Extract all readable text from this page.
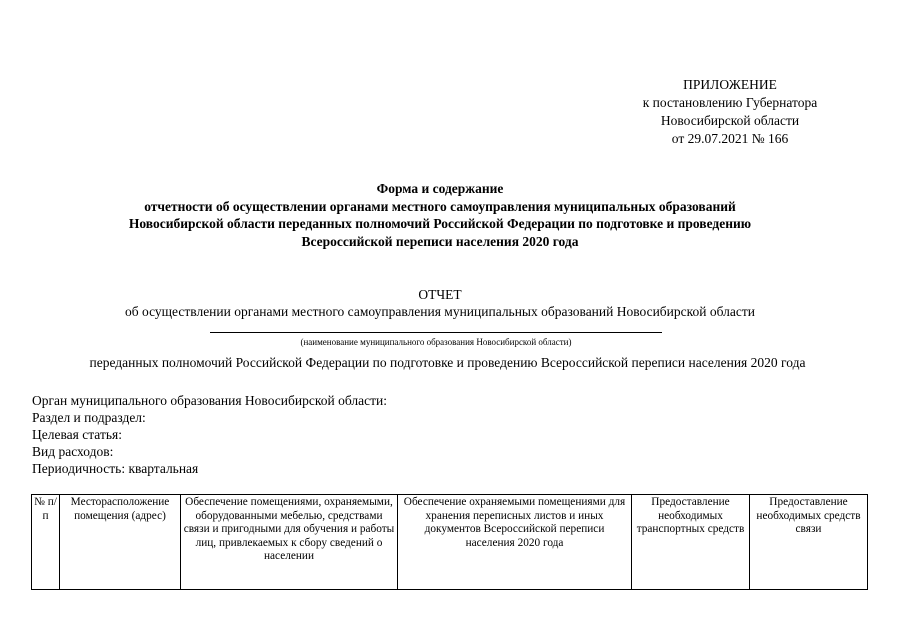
ПРИЛОЖЕНИЕ
к постановлению Губернатора
Новосибирской области
от 29.07.2021 № 166
Форма и содержание
отчетности об осуществлении органами местного самоуправления муниципальных образований
Новосибирской области переданных полномочий Российской Федерации по подготовке и проведению
Всероссийской переписи населения 2020 года
ОТЧЕТ
об осуществлении органами местного самоуправления муниципальных образований Новосибирской области
(наименование муниципального образования Новосибирской области)
переданных полномочий Российской Федерации по подготовке и проведению Всероссийской переписи населения 2020 года
Орган муниципального образования Новосибирской области:
Раздел и подраздел:
Целевая статья:
Вид расходов:
Периодичность: квартальная
№ п/п	Месторасположение помещения (адрес)	Обеспечение помещениями, охраняемыми, оборудованными мебелью, средствами связи и пригодными для обучения и работы лиц, привлекаемых к сбору сведений о населении	Обеспечение охраняемыми помещениями для хранения переписных листов и иных документов Всероссийской переписи населения 2020 года	Предоставление необходимых транспортных средств	Предоставление необходимых средств связи
